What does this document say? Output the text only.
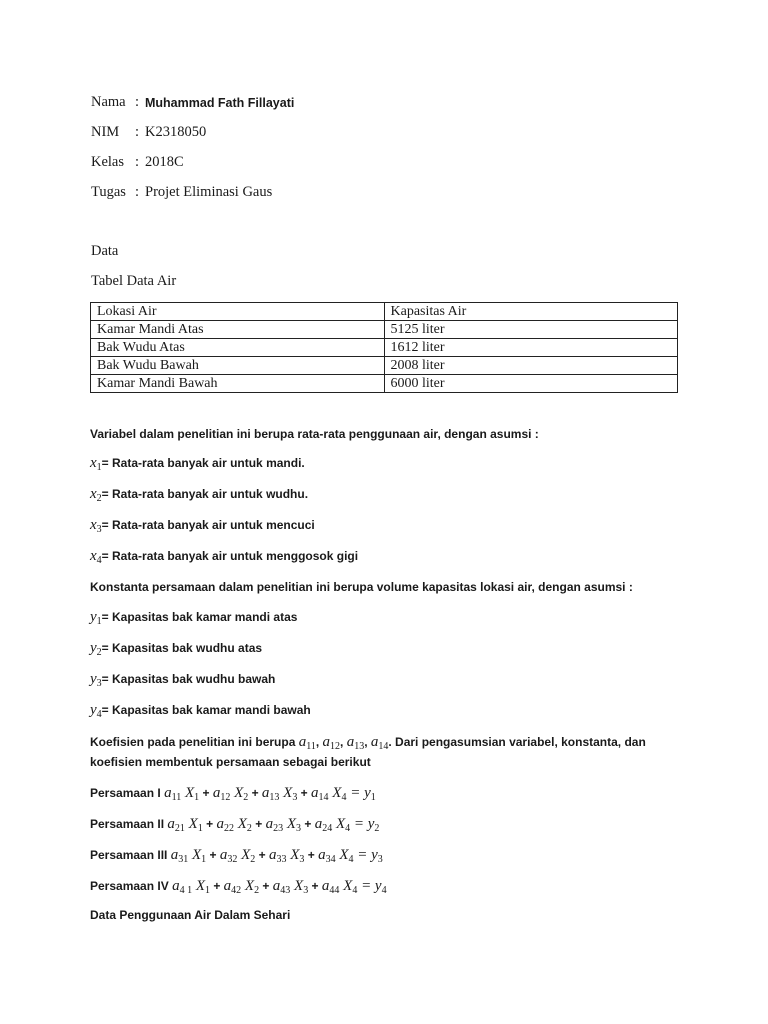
Nama : Muhammad Fath Fillayati
NIM : K2318050
Kelas : 2018C
Tugas : Projet Eliminasi Gaus
Data
Tabel Data Air
Lokasi Air	Kapasitas Air
Kamar Mandi Atas	5125 liter
Bak Wudu Atas	1612 liter
Bak Wudu Bawah	2008 liter
Kamar Mandi Bawah	6000 liter
Variabel dalam penelitian ini berupa rata-rata penggunaan air, dengan asumsi :
$x_1=$ Rata-rata banyak air untuk mandi.
$x_2=$ Rata-rata banyak air untuk wudhu.
$x_3=$ Rata-rata banyak air untuk mencuci
$x_4=$ Rata-rata banyak air untuk menggosok gigi
Konstanta persamaan dalam penelitian ini berupa volume kapasitas lokasi air, dengan asumsi :
$y_1=$ Kapasitas bak kamar mandi atas
$y_2=$ Kapasitas bak wudhu atas
$y_3=$ Kapasitas bak wudhu bawah
$y_4=$ Kapasitas bak kamar mandi bawah
Koefisien pada penelitian ini berupa $a_{11}$, $a_{12}$, $a_{13}$, $a_{14}$. Dari pengasumsian variabel, konstanta, dan
koefisien membentuk persamaan sebagai berikut
Persamaan I $a_{11}$ $X_1 + a_{12}$ $X_2 + a_{13}$ $X_3 + a_{14}$ $X_4 = y_1$
Persamaan II $a_{21}$ $X_1 + a_{22}$ $X_2 + a_{23}$ $X_3 + a_{24}$ $X_4 = y_2$
Persamaan III $a_{31}$ $X_1 + a_{32}$ $X_2 + a_{33}$ $X_3 + a_{34}$ $X_4 = y_3$
Persamaan IV $a_{4 1}$ $X_1 + a_{42}$ $X_2 + a_{43}$ $X_3 + a_{44}$ $X_4 = y_4$
Data Penggunaan Air Dalam Sehari
